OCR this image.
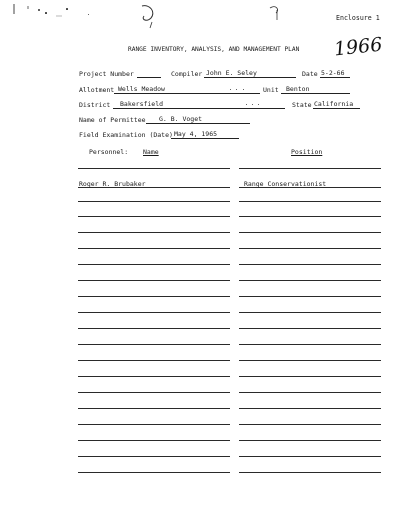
Enclosure 1
1966
RANGE INVENTORY, ANALYSIS, AND MANAGEMENT PLAN
Project Number	Compiler John E. Seley	Date 5-2-66
Allotment Wells Meadow	Unit Benton
District Bakersfield	State California
Name of Permittee G. B. Voget
Field Examination (Date) May 4, 1965
Personnel: Name	Position
Roger R. Brubaker	Range Conservationist
